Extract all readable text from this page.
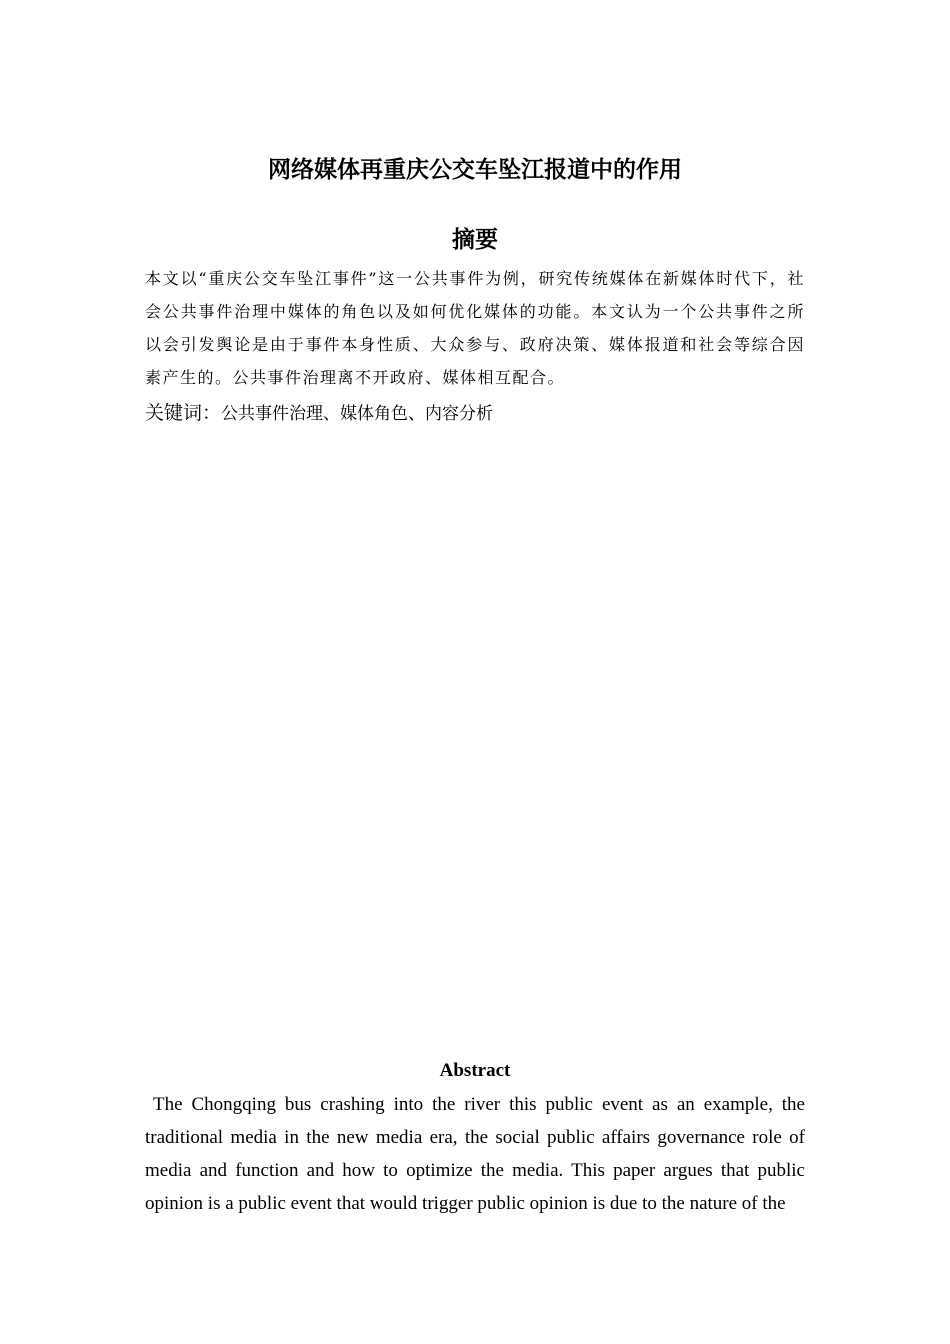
网络媒体再重庆公交车坠江报道中的作用
摘要

本文以“重庆公交车坠江事件”这一公共事件为例，研究传统媒体在新媒体时代下，社会公共事件治理中媒体的角色以及如何优化媒体的功能。本文认为一个公共事件之所以会引发舆论是由于事件本身性质、大众参与、政府决策、媒体报道和社会等综合因素产生的。公共事件治理离不开政府、媒体相互配合。

关键词：公共事件治理、媒体角色、内容分析

Abstract

The Chongqing bus crashing into the river this public event as an example, the traditional media in the new media era, the social public affairs governance role of media and function and how to optimize the media. This paper argues that public opinion is a public event that would trigger public opinion is due to the nature of the
